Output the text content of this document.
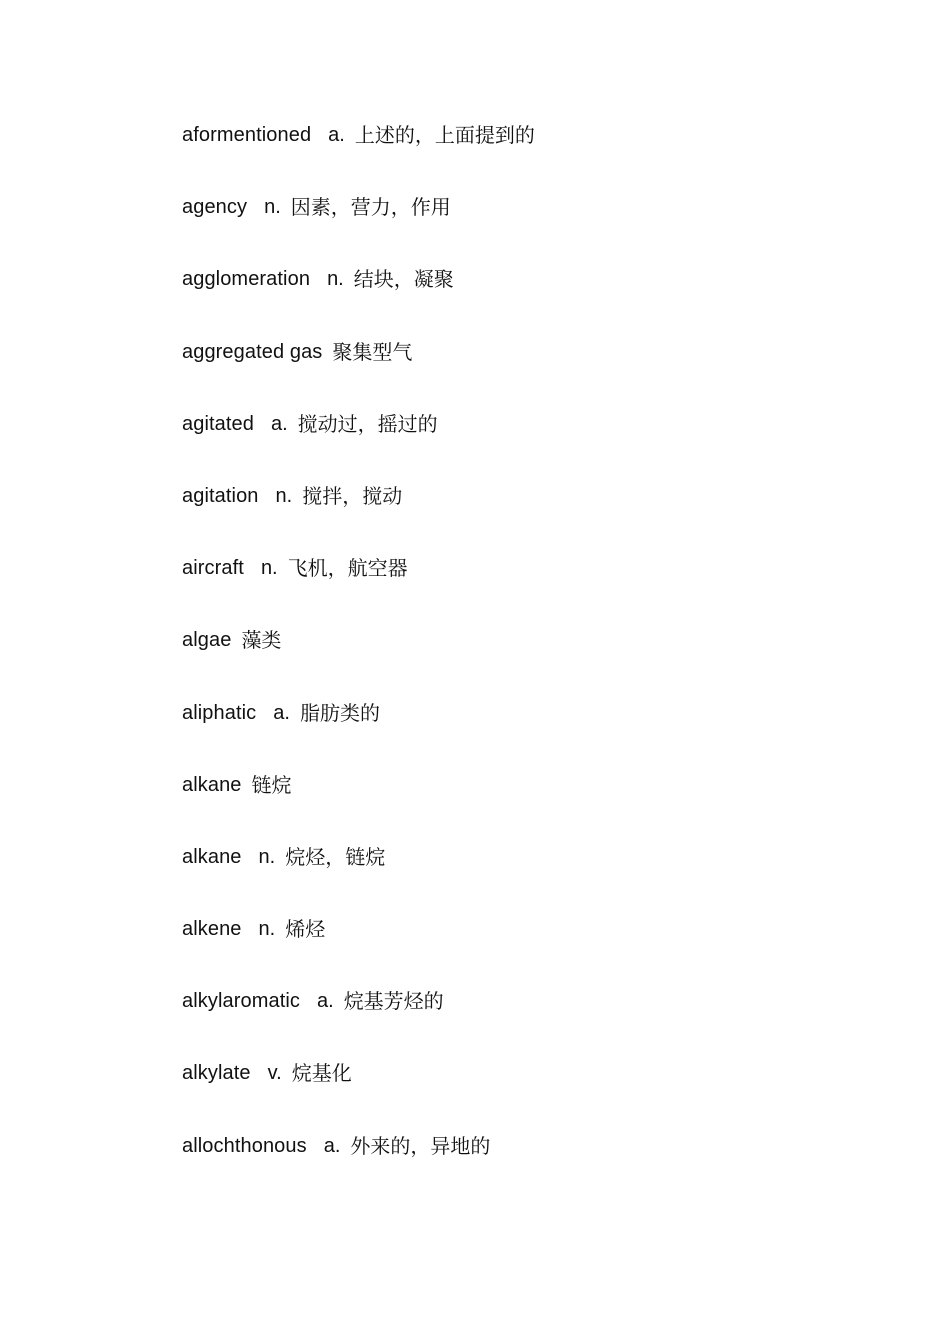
aformentioned a. 上述的，上面提到的
agency n. 因素，营力，作用
agglomeration n. 结块，凝聚
aggregated gas 聚集型气
agitated a. 搅动过，摇过的
agitation n. 搅拌，搅动
aircraft n. 飞机，航空器
algae 藻类
aliphatic a. 脂肪类的
alkane 链烷
alkane n. 烷烃，链烷
alkene n. 烯烃
alkylaromatic a. 烷基芳烃的
alkylate v. 烷基化
allochthonous a. 外来的，异地的
